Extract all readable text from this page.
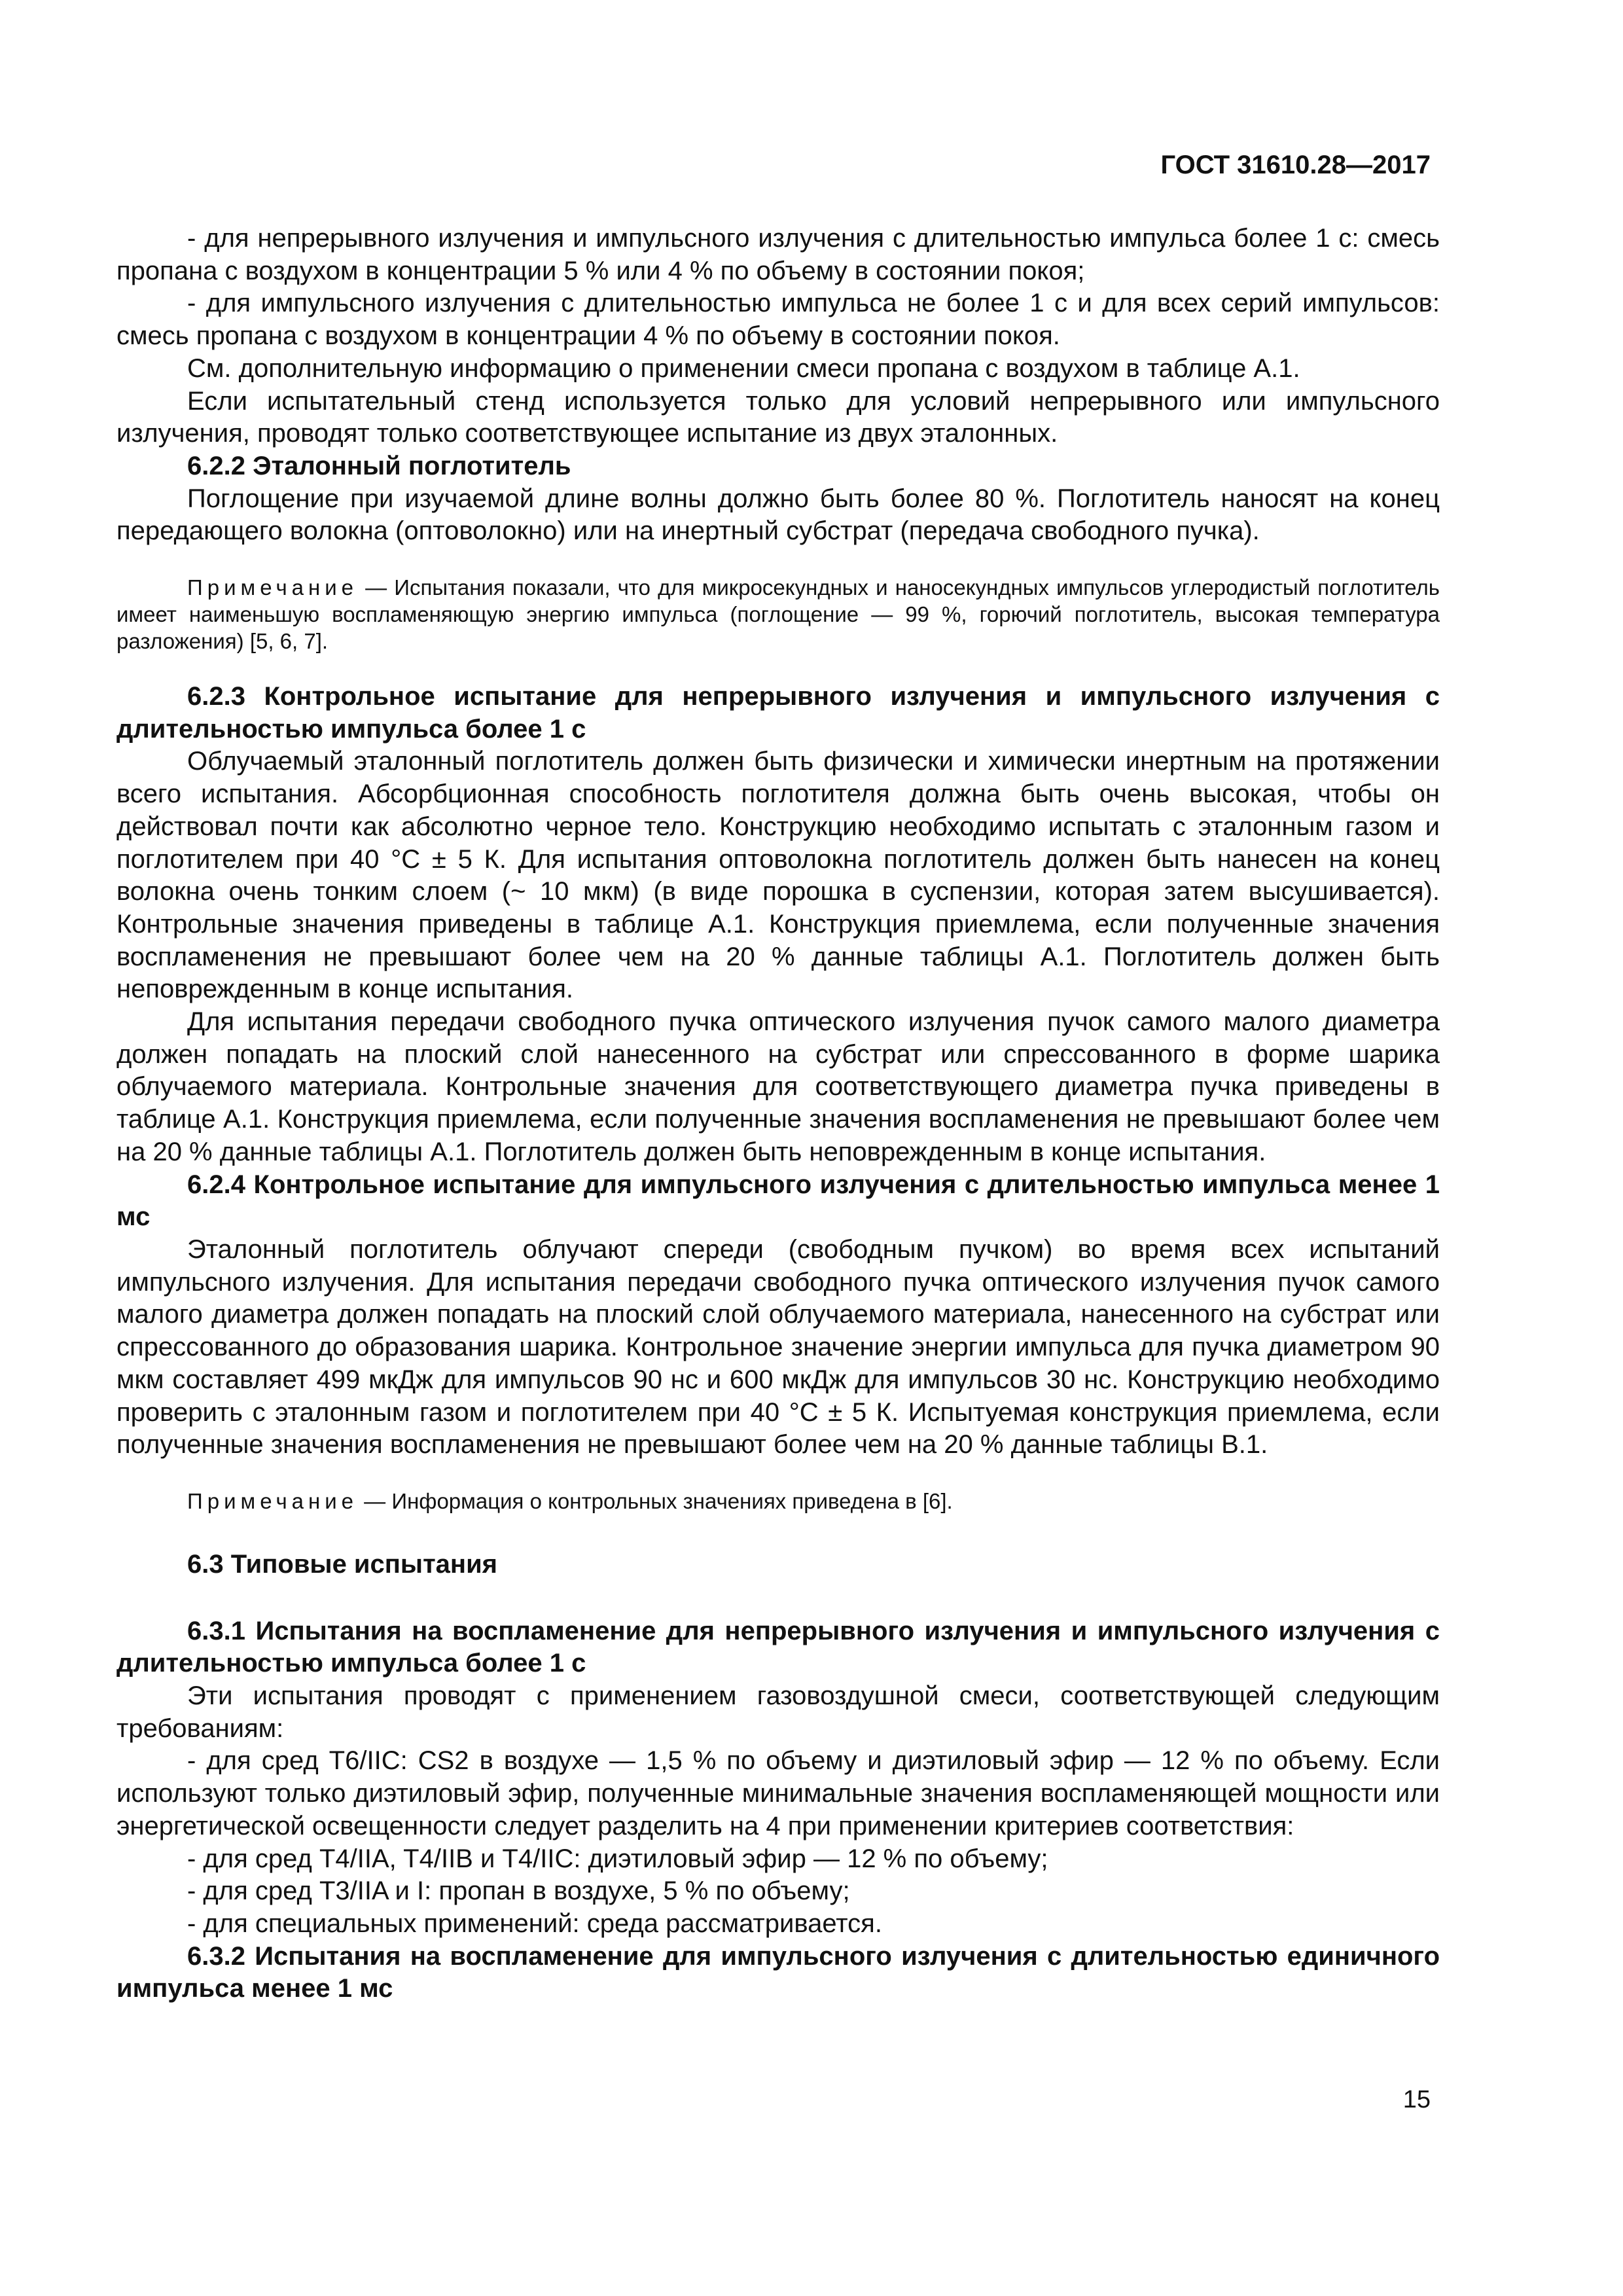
ГОСТ 31610.28—2017

- для непрерывного излучения и импульсного излучения с длительностью импульса более 1 с: смесь пропана с воздухом в концентрации 5 % или 4 % по объему в состоянии покоя;

- для импульсного излучения с длительностью импульса не более 1 с и для всех серий импульсов: смесь пропана с воздухом в концентрации 4 % по объему в состоянии покоя.

См. дополнительную информацию о применении смеси пропана с воздухом в таблице А.1.

Если испытательный стенд используется только для условий непрерывного или импульсного излучения, проводят только соответствующее испытание из двух эталонных.

6.2.2 Эталонный поглотитель

Поглощение при изучаемой длине волны должно быть более 80 %. Поглотитель наносят на конец передающего волокна (оптоволокно) или на инертный субстрат (передача свободного пучка).

Примечание — Испытания показали, что для микросекундных и наносекундных импульсов углеродистый поглотитель имеет наименьшую воспламеняющую энергию импульса (поглощение — 99 %, горючий поглотитель, высокая температура разложения) [5, 6, 7].

6.2.3 Контрольное испытание для непрерывного излучения и импульсного излучения с длительностью импульса более 1 с

Облучаемый эталонный поглотитель должен быть физически и химически инертным на протяжении всего испытания. Абсорбционная способность поглотителя должна быть очень высокая, чтобы он действовал почти как абсолютно черное тело. Конструкцию необходимо испытать с эталонным газом и поглотителем при 40 °C ± 5 К. Для испытания оптоволокна поглотитель должен быть нанесен на конец волокна очень тонким слоем (~ 10 мкм) (в виде порошка в суспензии, которая затем высушивается). Контрольные значения приведены в таблице А.1. Конструкция приемлема, если полученные значения воспламенения не превышают более чем на 20 % данные таблицы А.1. Поглотитель должен быть неповрежденным в конце испытания.

Для испытания передачи свободного пучка оптического излучения пучок самого малого диаметра должен попадать на плоский слой нанесенного на субстрат или спрессованного в форме шарика облучаемого материала. Контрольные значения для соответствующего диаметра пучка приведены в таблице А.1. Конструкция приемлема, если полученные значения воспламенения не превышают более чем на 20 % данные таблицы А.1. Поглотитель должен быть неповрежденным в конце испытания.

6.2.4 Контрольное испытание для импульсного излучения с длительностью импульса менее 1 мс

Эталонный поглотитель облучают спереди (свободным пучком) во время всех испытаний импульсного излучения. Для испытания передачи свободного пучка оптического излучения пучок самого малого диаметра должен попадать на плоский слой облучаемого материала, нанесенного на субстрат или спрессованного до образования шарика. Контрольное значение энергии импульса для пучка диаметром 90 мкм составляет 499 мкДж для импульсов 90 нс и 600 мкДж для импульсов 30 нс. Конструкцию необходимо проверить с эталонным газом и поглотителем при 40 °C ± 5 К. Испытуемая конструкция приемлема, если полученные значения воспламенения не превышают более чем на 20 % данные таблицы В.1.

Примечание — Информация о контрольных значениях приведена в [6].

6.3 Типовые испытания

6.3.1 Испытания на воспламенение для непрерывного излучения и импульсного излучения с длительностью импульса более 1 с

Эти испытания проводят с применением газовоздушной смеси, соответствующей следующим требованиям:

- для сред T6/IIC: CS2 в воздухе — 1,5 % по объему и диэтиловый эфир — 12 % по объему. Если используют только диэтиловый эфир, полученные минимальные значения воспламеняющей мощности или энергетической освещенности следует разделить на 4 при применении критериев соответствия:

- для сред T4/IIA, T4/IIB и T4/IIC: диэтиловый эфир — 12 % по объему;

- для сред T3/IIA и I: пропан в воздухе, 5 % по объему;

- для специальных применений: среда рассматривается.

6.3.2 Испытания на воспламенение для импульсного излучения с длительностью единичного импульса менее 1 мс

15
